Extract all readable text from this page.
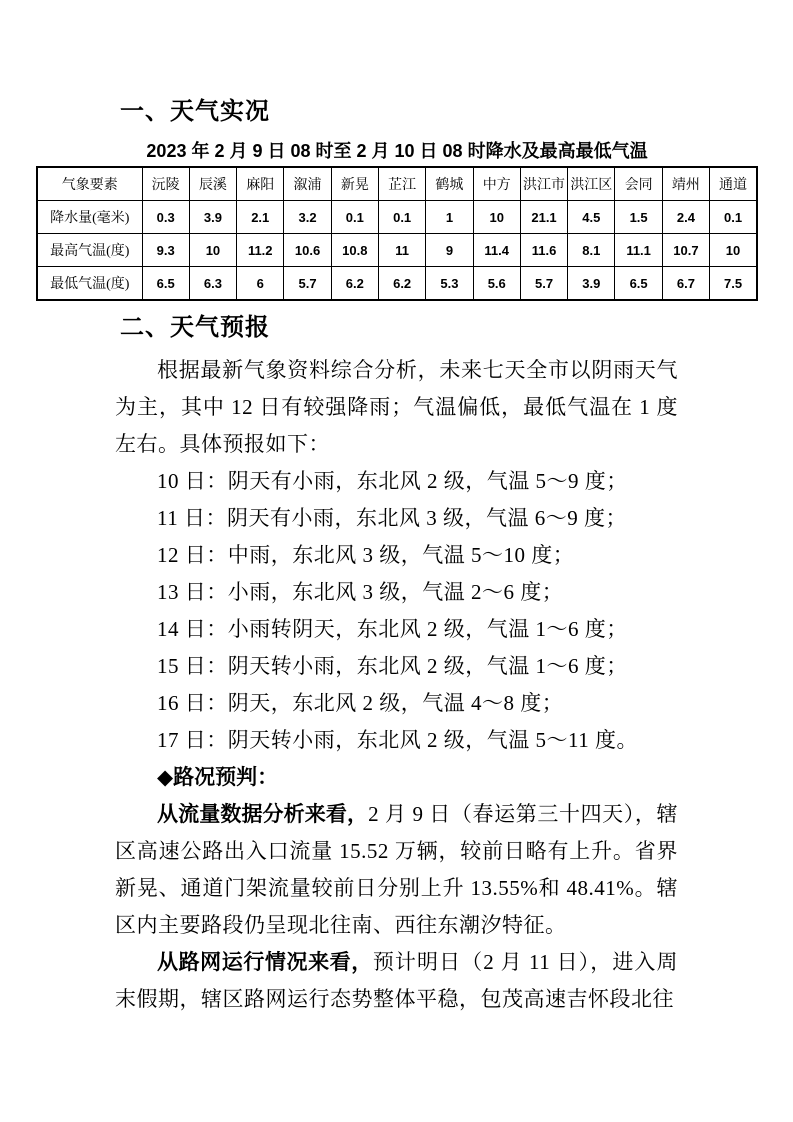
一、天气实况
2023 年 2 月 9 日 08 时至 2 月 10 日 08 时降水及最高最低气温
气象要素	沅陵	辰溪	麻阳	溆浦	新晃	芷江	鹤城	中方	洪江市	洪江区	会同	靖州	通道
降水量(毫米)	0.3	3.9	2.1	3.2	0.1	0.1	1	10	21.1	4.5	1.5	2.4	0.1
最高气温(度)	9.3	10	11.2	10.6	10.8	11	9	11.4	11.6	8.1	11.1	10.7	10
最低气温(度)	6.5	6.3	6	5.7	6.2	6.2	5.3	5.6	5.7	3.9	6.5	6.7	7.5
二、天气预报

根据最新气象资料综合分析，未来七天全市以阴雨天气为主，其中 12 日有较强降雨；气温偏低，最低气温在 1 度左右。具体预报如下：

10 日：阴天有小雨，东北风 2 级，气温 5～9 度；

11 日：阴天有小雨，东北风 3 级，气温 6～9 度；

12 日：中雨，东北风 3 级，气温 5～10 度；

13 日：小雨，东北风 3 级，气温 2～6 度；

14 日：小雨转阴天，东北风 2 级，气温 1～6 度；

15 日：阴天转小雨，东北风 2 级，气温 1～6 度；

16 日：阴天，东北风 2 级，气温 4～8 度；

17 日：阴天转小雨，东北风 2 级，气温 5～11 度。

◆路况预判：

从流量数据分析来看，2 月 9 日（春运第三十四天），辖区高速公路出入口流量 15.52 万辆，较前日略有上升。省界新晃、通道门架流量较前日分别上升 13.55%和 48.41%。辖区内主要路段仍呈现北往南、西往东潮汐特征。

从路网运行情况来看，预计明日（2 月 11 日），进入周末假期，辖区路网运行态势整体平稳，包茂高速吉怀段北往
